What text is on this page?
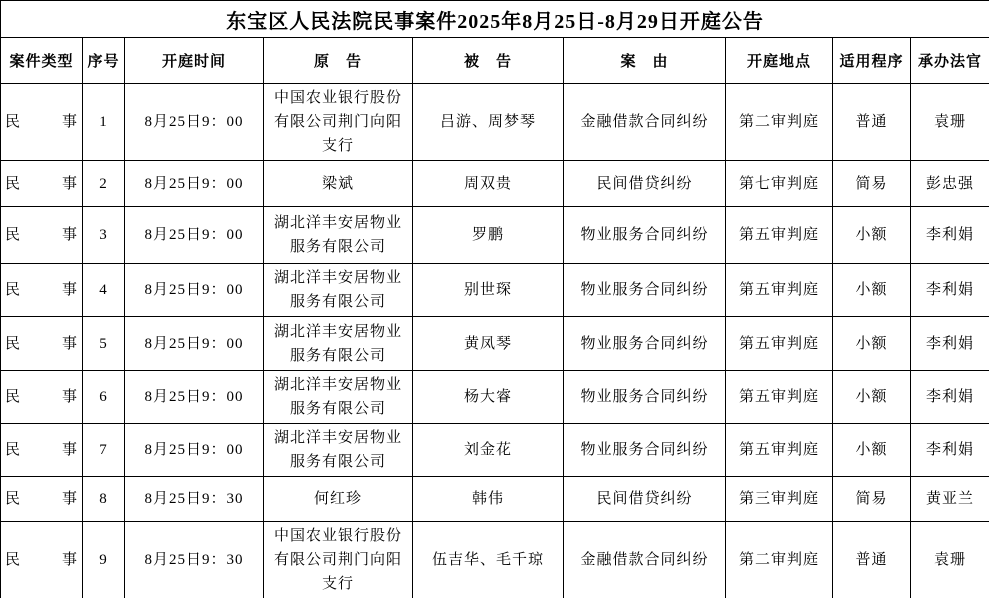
东宝区人民法院民事案件2025年8月25日-8月29日开庭公告								
案件类型	序号	开庭时间	原　告	被　告	案　由	开庭地点	适用程序	承办法官
民　事	1	8月25日9：00	中国农业银行股份有限公司荆门向阳支行	吕游、周梦琴	金融借款合同纠纷	第二审判庭	普通	袁珊
民　事	2	8月25日9：00	梁斌	周双贵	民间借贷纠纷	第七审判庭	简易	彭忠强
民　事	3	8月25日9：00	湖北洋丰安居物业服务有限公司	罗鹏	物业服务合同纠纷	第五审判庭	小额	李利娟
民　事	4	8月25日9：00	湖北洋丰安居物业服务有限公司	别世琛	物业服务合同纠纷	第五审判庭	小额	李利娟
民　事	5	8月25日9：00	湖北洋丰安居物业服务有限公司	黄凤琴	物业服务合同纠纷	第五审判庭	小额	李利娟
民　事	6	8月25日9：00	湖北洋丰安居物业服务有限公司	杨大睿	物业服务合同纠纷	第五审判庭	小额	李利娟
民　事	7	8月25日9：00	湖北洋丰安居物业服务有限公司	刘金花	物业服务合同纠纷	第五审判庭	小额	李利娟
民　事	8	8月25日9：30	何红珍	韩伟	民间借贷纠纷	第三审判庭	简易	黄亚兰
民　事	9	8月25日9：30	中国农业银行股份有限公司荆门向阳支行	伍吉华、毛千琼	金融借款合同纠纷	第二审判庭	普通	袁珊
